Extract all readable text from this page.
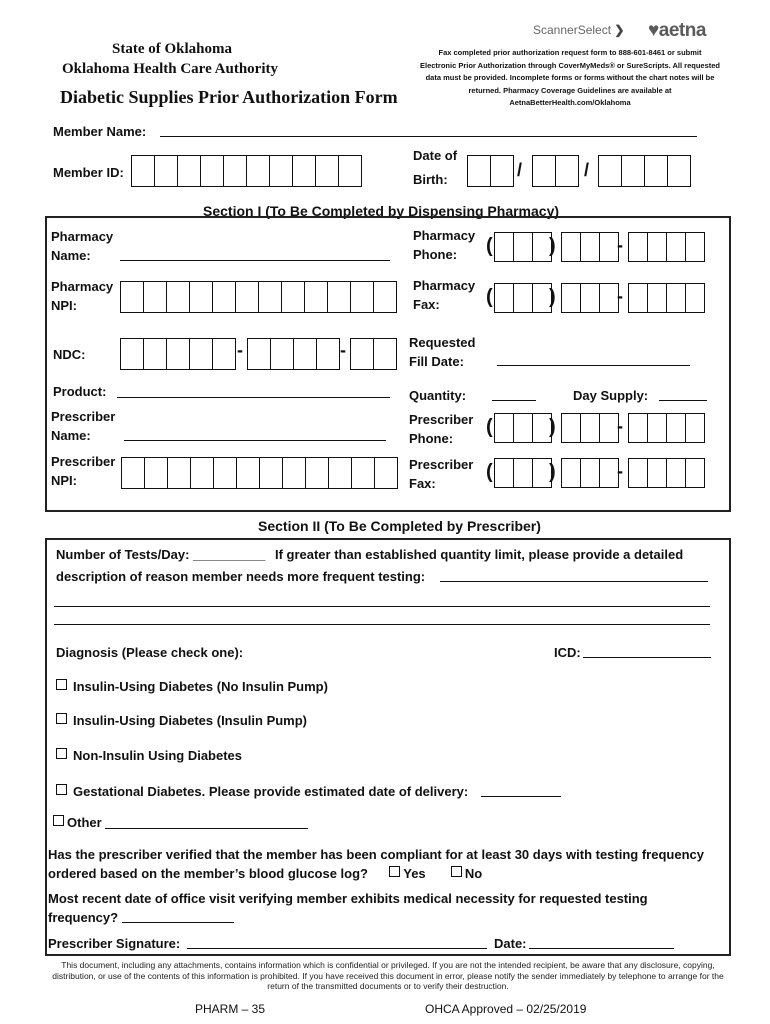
ScannerSelect ❯ ♥aetna
State of Oklahoma
Oklahoma Health Care Authority
Diabetic Supplies Prior Authorization Form
Fax completed prior authorization request form to 888-601-8461 or submit Electronic Prior Authorization through CoverMyMeds® or SureScripts. All requested data must be provided. Incomplete forms or forms without the chart notes will be returned. Pharmacy Coverage Guidelines are available at AetnaBetterHealth.com/Oklahoma
Member Name:
Member ID:
Date of
Birth:	/	/
Section I (To Be Completed by Dispensing Pharmacy)
Pharmacy
Name:
Pharmacy
Phone: (	)	-
Pharmacy
NPI:
Pharmacy
Fax: (	)	-
NDC:	-	-	Requested
Fill Date:
Product:	Quantity:	Day Supply:
Prescriber
Name:
Prescriber
Phone:
(	)	-
Prescriber
NPI:
Prescriber
Fax:
(	)	-
Section II (To Be Completed by Prescriber)
Number of Tests/Day: __________ If greater than established quantity limit, please provide a detailed
description of reason member needs more frequent testing:
Diagnosis (Please check one):	ICD:
Insulin-Using Diabetes (No Insulin Pump)
Insulin-Using Diabetes (Insulin Pump)
Non-Insulin Using Diabetes
Gestational Diabetes. Please provide estimated date of delivery:
Other
Has the prescriber verified that the member has been compliant for at least 30 days with testing frequency ordered based on the member’s blood glucose log?	Yes	No
Most recent date of office visit verifying member exhibits medical necessity for requested testing frequency?
Prescriber Signature:	Date:
This document, including any attachments, contains information which is confidential or privileged. If you are not the intended recipient, be aware that any disclosure, copying, distribution, or use of the contents of this information is prohibited. If you have received this document in error, please notify the sender immediately by telephone to arrange for the return of the transmitted documents or to verify their destruction.
PHARM – 35	OHCA Approved – 02/25/2019
